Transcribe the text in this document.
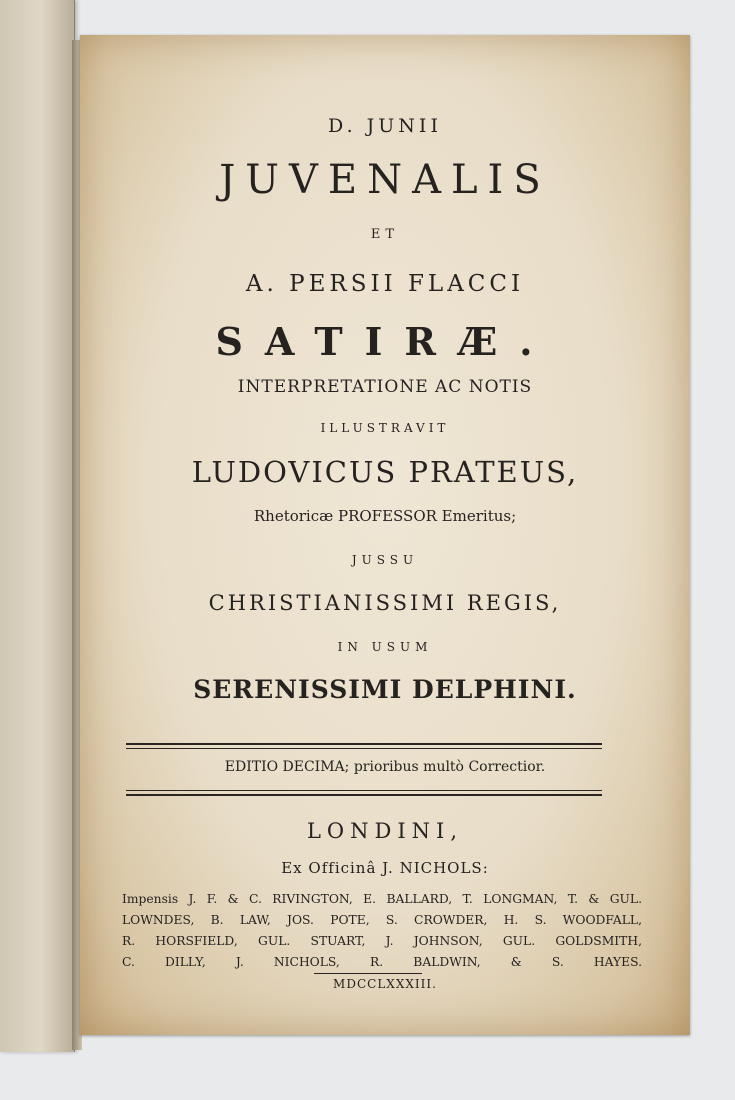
D. JUNII
JUVENALIS
ET
A. PERSII FLACCI
SATIRÆ.
INTERPRETATIONE AC NOTIS
ILLUSTRAVIT
LUDOVICUS PRATEUS,
Rhetoricæ PROFESSOR Emeritus;
JUSSU
CHRISTIANISSIMI REGIS,
IN USUM
SERENISSIMI DELPHINI.
EDITIO DECIMA; prioribus multò Correctior.
LONDINI,
Ex Officinâ J. NICHOLS:
Impensis J. F. & C. RIVINGTON, E. BALLARD, T. LONGMAN, T. & GUL.
LOWNDES, B. LAW, JOS. POTE, S. CROWDER, H. S. WOODFALL,
R. HORSFIELD, GUL. STUART, J. JOHNSON, GUL. GOLDSMITH,
C. DILLY, J. NICHOLS, R. BALDWIN, & S. HAYES.
MDCCLXXXIII.
